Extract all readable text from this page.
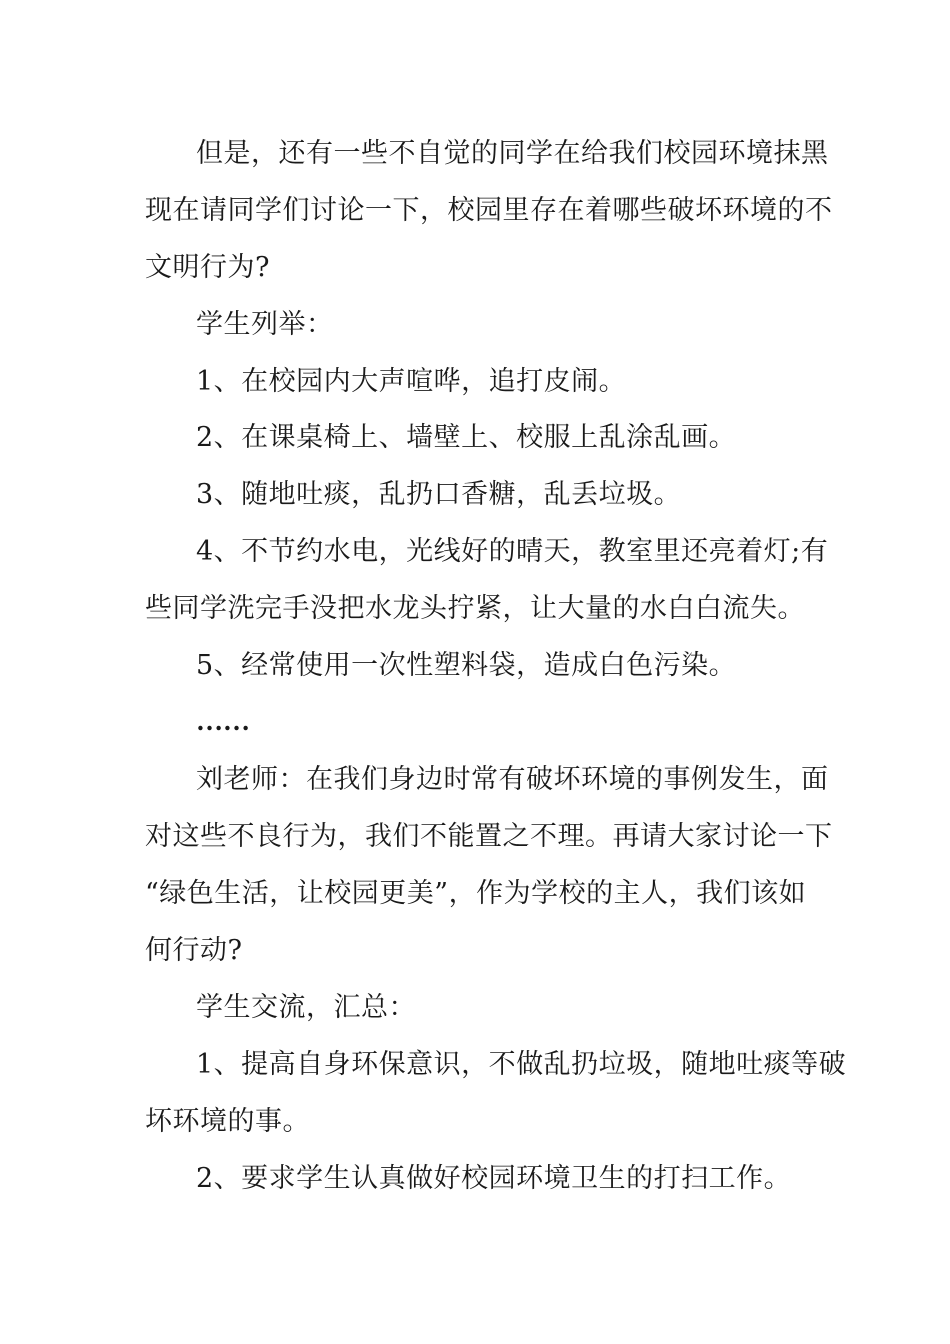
但是，还有一些不自觉的同学在给我们校园环境抹黑
现在请同学们讨论一下，校园里存在着哪些破坏环境的不
文明行为?
学生列举：
1、在校园内大声喧哗，追打皮闹。
2、在课桌椅上、墙壁上、校服上乱涂乱画。
3、随地吐痰，乱扔口香糖，乱丢垃圾。
4、不节约水电，光线好的晴天，教室里还亮着灯;有
些同学洗完手没把水龙头拧紧，让大量的水白白流失。
5、经常使用一次性塑料袋，造成白色污染。
……
刘老师：在我们身边时常有破坏环境的事例发生，面
对这些不良行为，我们不能置之不理。再请大家讨论一下
“绿色生活，让校园更美”，作为学校的主人，我们该如
何行动?
学生交流，汇总：
1、提高自身环保意识，不做乱扔垃圾，随地吐痰等破
坏环境的事。
2、要求学生认真做好校园环境卫生的打扫工作。
